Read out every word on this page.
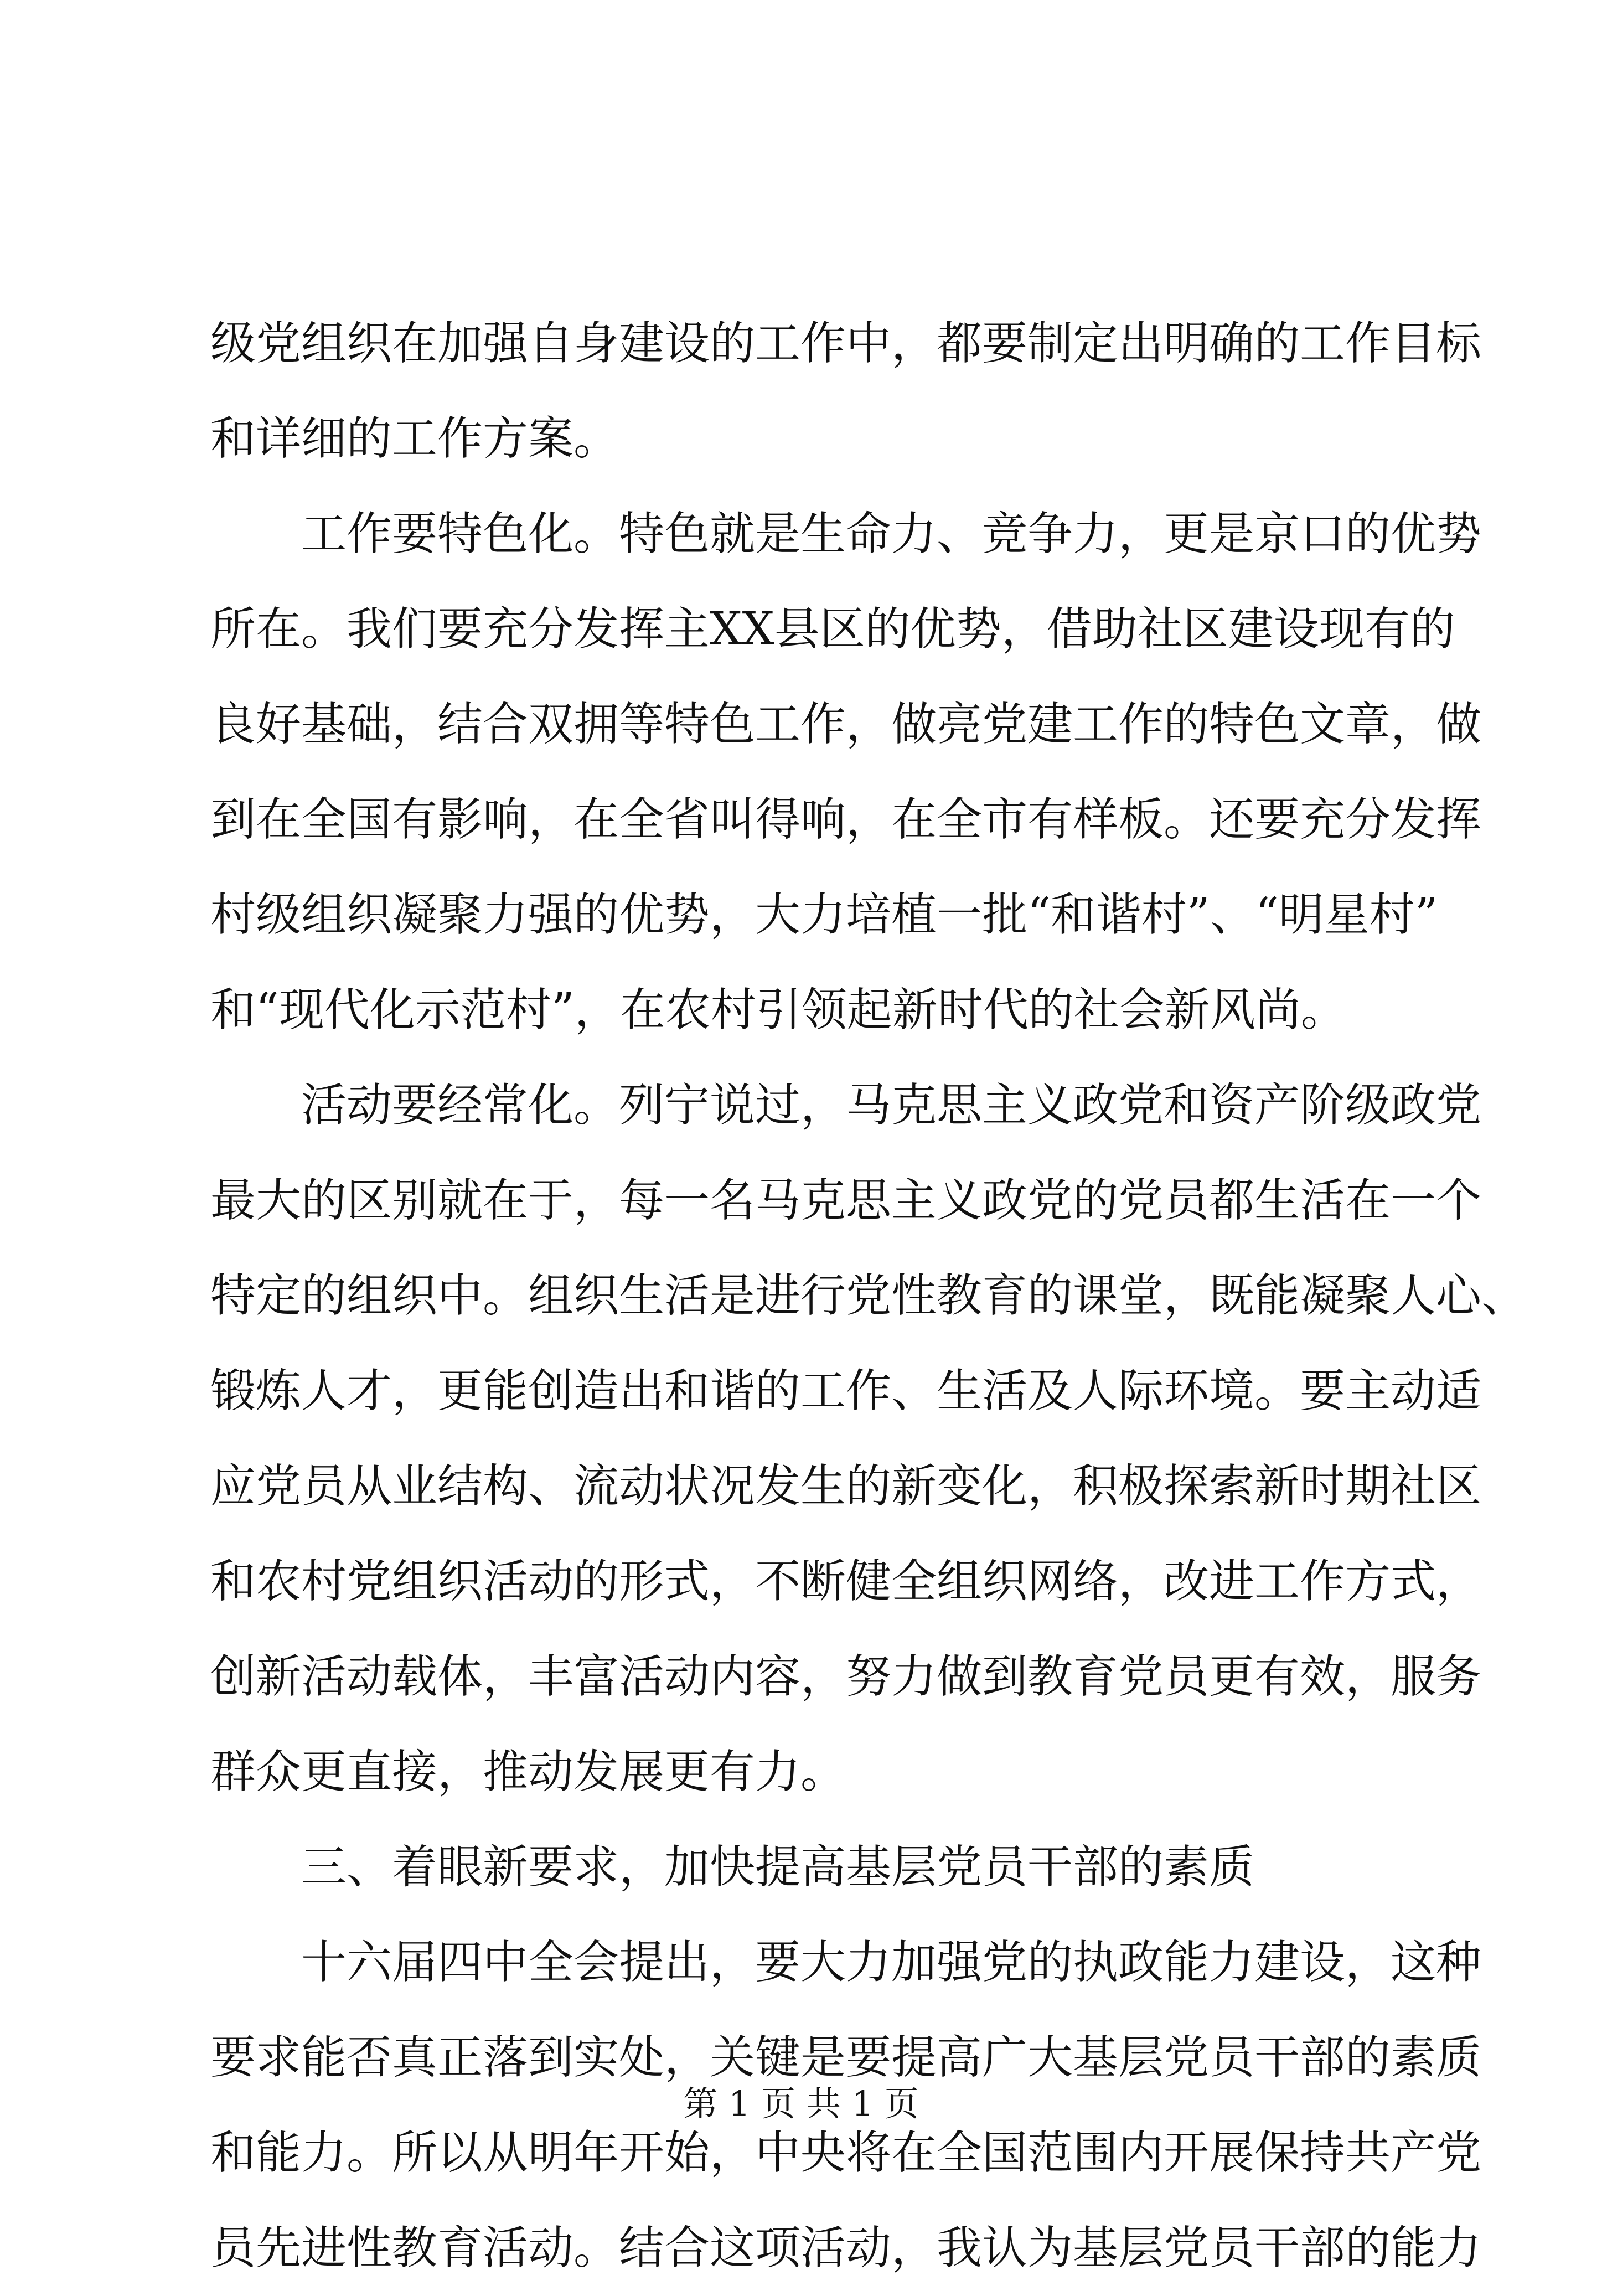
级党组织在加强自身建设的工作中，都要制定出明确的工作目标
和详细的工作方案。
工作要特色化。特色就是生命力、竞争力，更是京口的优势
所在。我们要充分发挥主XX县区的优势，借助社区建设现有的
良好基础，结合双拥等特色工作，做亮党建工作的特色文章，做
到在全国有影响，在全省叫得响，在全市有样板。还要充分发挥
村级组织凝聚力强的优势，大力培植一批“和谐村”、“明星村”
和“现代化示范村”，在农村引领起新时代的社会新风尚。
活动要经常化。列宁说过，马克思主义政党和资产阶级政党
最大的区别就在于，每一名马克思主义政党的党员都生活在一个
特定的组织中。组织生活是进行党性教育的课堂，既能凝聚人心、
锻炼人才，更能创造出和谐的工作、生活及人际环境。要主动适
应党员从业结构、流动状况发生的新变化，积极探索新时期社区
和农村党组织活动的形式，不断健全组织网络，改进工作方式，
创新活动载体，丰富活动内容，努力做到教育党员更有效，服务
群众更直接，推动发展更有力。
三、着眼新要求，加快提高基层党员干部的素质
十六届四中全会提出，要大力加强党的执政能力建设，这种
要求能否真正落到实处，关键是要提高广大基层党员干部的素质
和能力。所以从明年开始，中央将在全国范围内开展保持共产党
员先进性教育活动。结合这项活动，我认为基层党员干部的能力
第 1 页 共 1 页
